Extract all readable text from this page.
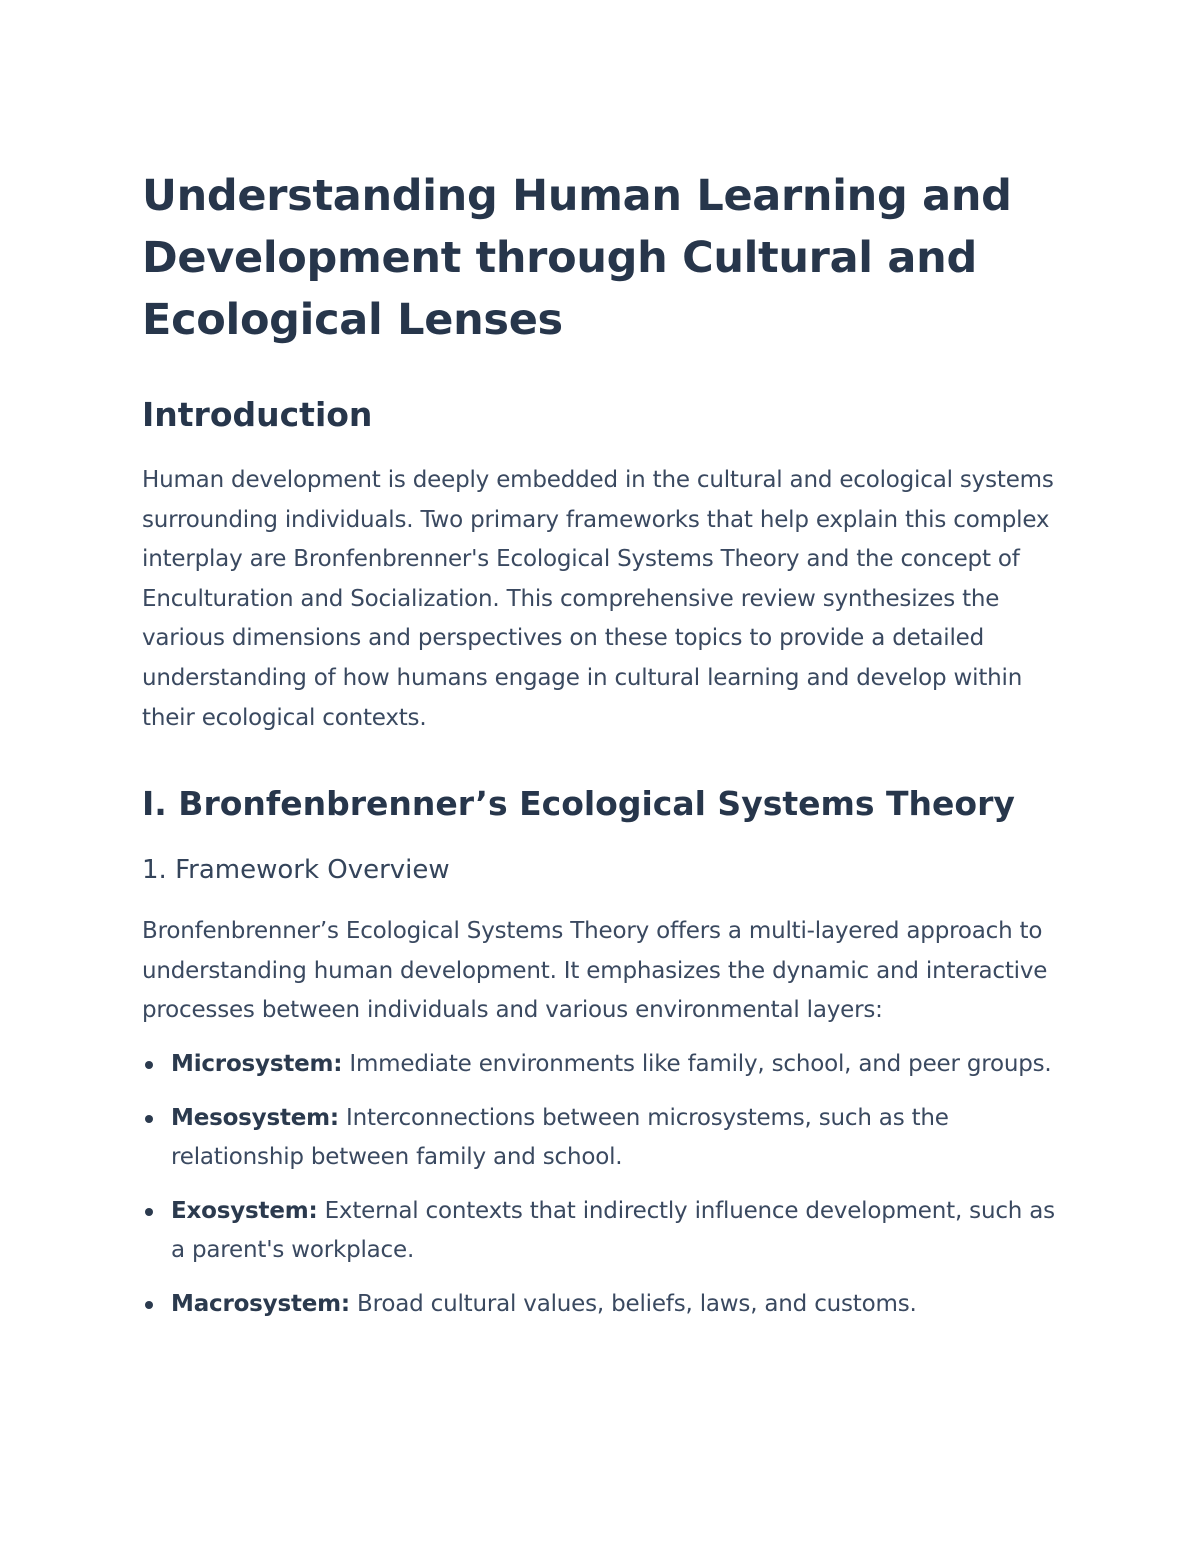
Understanding Human Learning and Development through Cultural and Ecological Lenses
Introduction

Human development is deeply embedded in the cultural and ecological systems surrounding individuals. Two primary frameworks that help explain this complex interplay are Bronfenbrenner's Ecological Systems Theory and the concept of Enculturation and Socialization. This comprehensive review synthesizes the various dimensions and perspectives on these topics to provide a detailed understanding of how humans engage in cultural learning and develop within their ecological contexts.

I. Bronfenbrenner’s Ecological Systems Theory
1. Framework Overview

Bronfenbrenner’s Ecological Systems Theory offers a multi-layered approach to understanding human development. It emphasizes the dynamic and interactive processes between individuals and various environmental layers:

Microsystem: Immediate environments like family, school, and peer groups.
Mesosystem: Interconnections between microsystems, such as the relationship between family and school.
Exosystem: External contexts that indirectly influence development, such as a parent's workplace.
Macrosystem: Broad cultural values, beliefs, laws, and customs.
